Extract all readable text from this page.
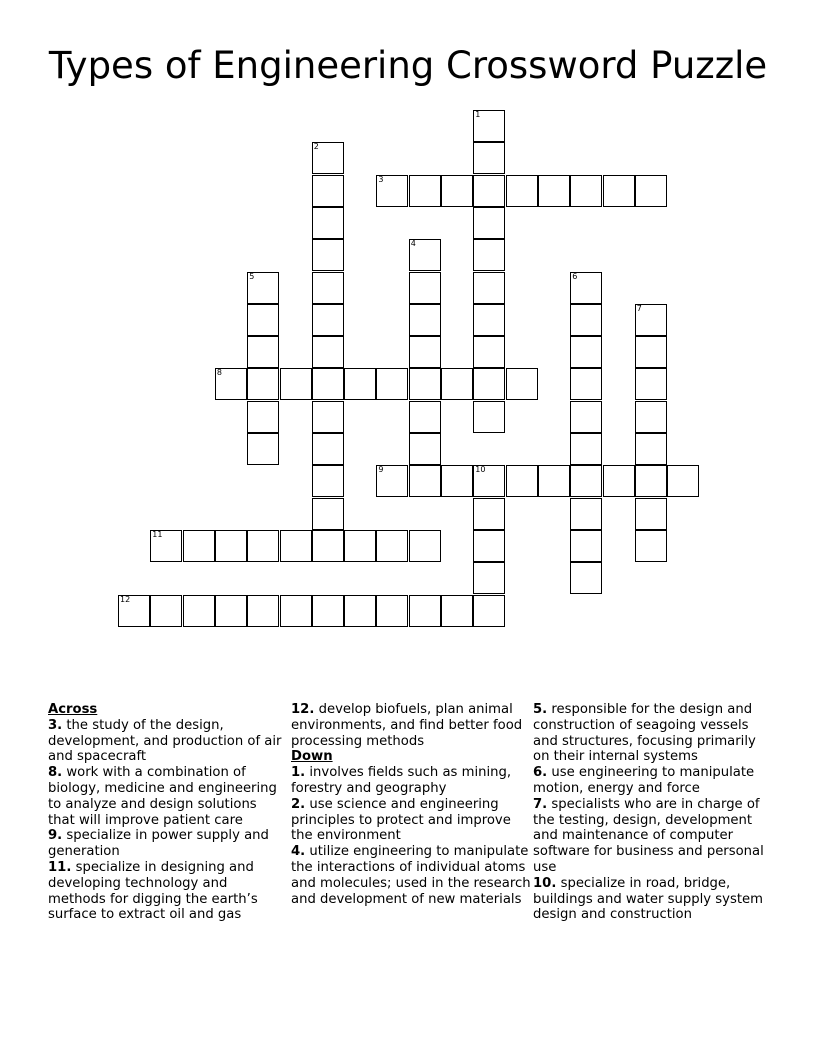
Types of Engineering Crossword Puzzle
3
8
9	10
11
12
1
2
4
5	6
7
Across
3. the study of the design, development, and production of air and spacecraft
8. work with a combination of biology, medicine and engineering to analyze and design solutions that will improve patient care
9. specialize in power supply and generation
11. specialize in designing and developing technology and methods for digging the earth’s surface to extract oil and gas
12. develop biofuels, plan animal environments, and find better food processing methods
Down
1. involves fields such as mining, forestry and geography
2. use science and engineering principles to protect and improve the environment
4. utilize engineering to manipulate the interactions of individual atoms and molecules; used in the research and development of new materials
5. responsible for the design and construction of seagoing vessels and structures, focusing primarily on their internal systems
6. use engineering to manipulate motion, energy and force
7. specialists who are in charge of the testing, design, development and maintenance of computer software for business and personal use
10. specialize in road, bridge, buildings and water supply system design and construction
